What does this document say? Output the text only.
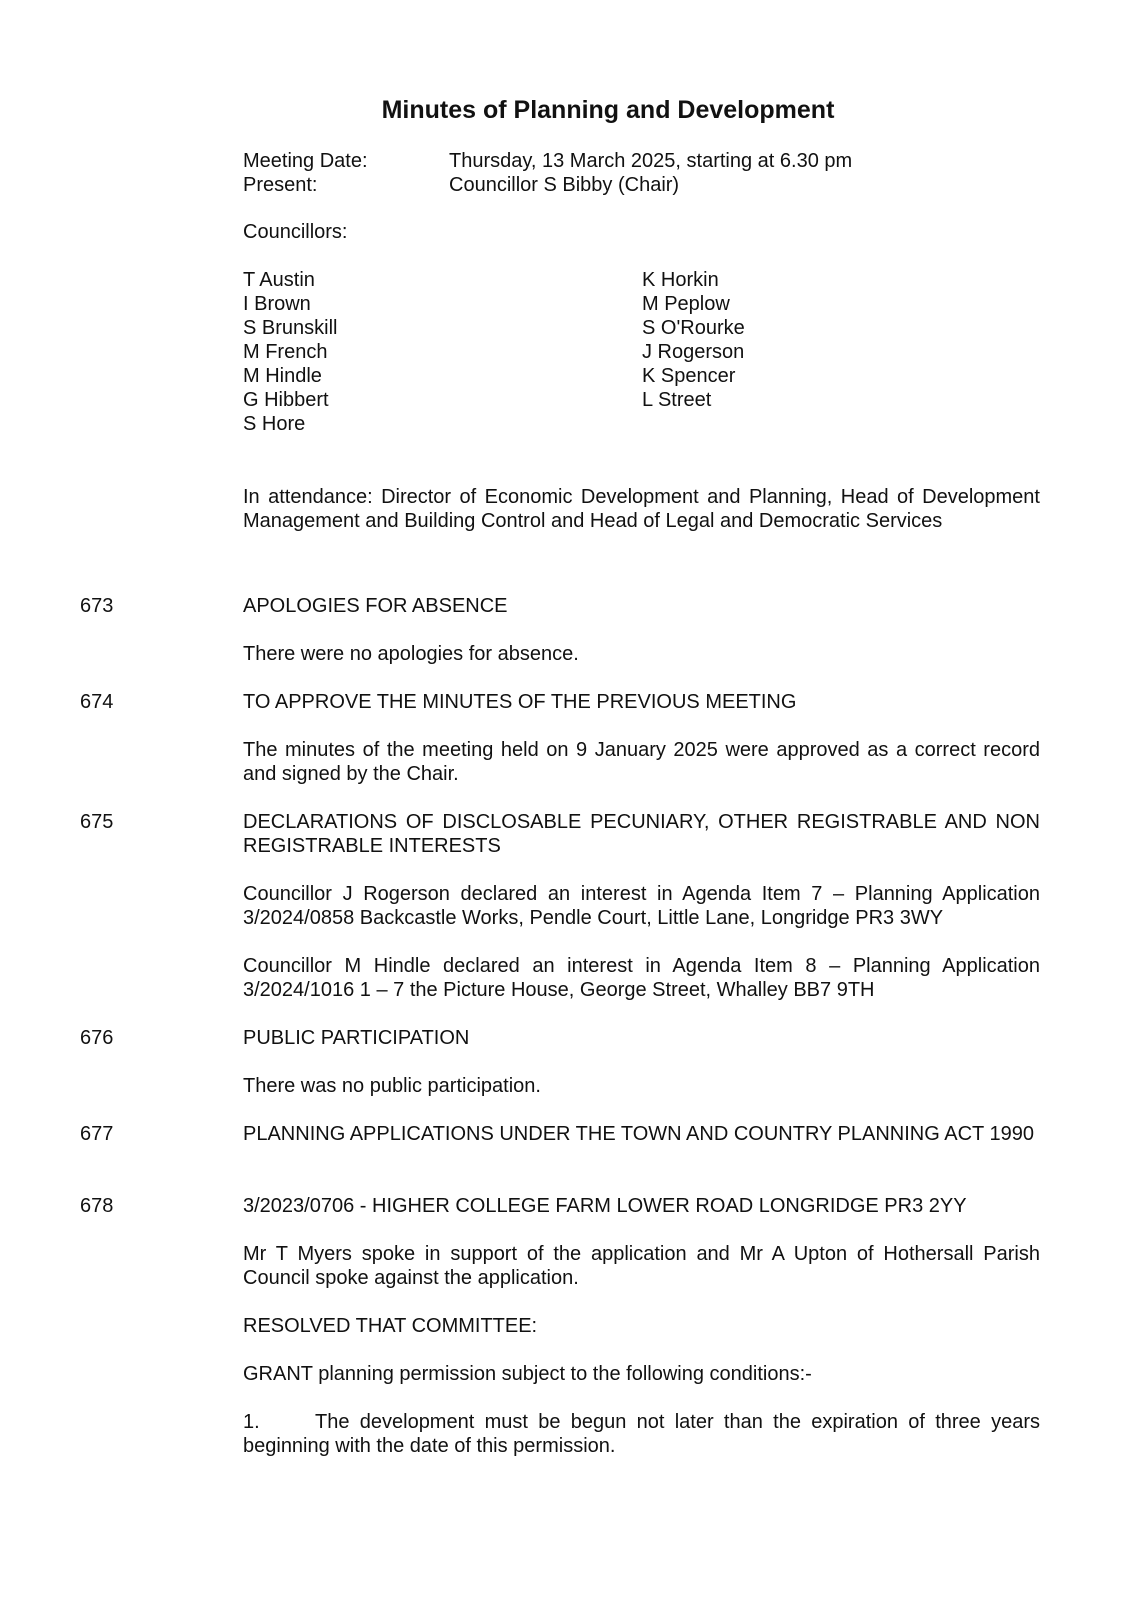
Minutes of Planning and Development
Meeting Date:	Thursday, 13 March 2025, starting at 6.30 pm
Present:	Councillor S Bibby (Chair)
Councillors:
T Austin
I Brown
S Brunskill
M French
M Hindle
G Hibbert
S Hore
K Horkin
M Peplow
S O'Rourke
J Rogerson
K Spencer
L Street

In attendance: Director of Economic Development and Planning, Head of Development Management and Building Control and Head of Legal and Democratic Services

673	APOLOGIES FOR ABSENCE

There were no apologies for absence.

674	TO APPROVE THE MINUTES OF THE PREVIOUS MEETING

The minutes of the meeting held on 9 January 2025 were approved as a correct record and signed by the Chair.

675	DECLARATIONS OF DISCLOSABLE PECUNIARY, OTHER REGISTRABLE AND NON REGISTRABLE INTERESTS

Councillor J Rogerson declared an interest in Agenda Item 7 – Planning Application 3/2024/0858 Backcastle Works, Pendle Court, Little Lane, Longridge PR3 3WY

Councillor M Hindle declared an interest in Agenda Item 8 – Planning Application 3/2024/1016 1 – 7 the Picture House, George Street, Whalley BB7 9TH

676	PUBLIC PARTICIPATION

There was no public participation.

677	PLANNING APPLICATIONS UNDER THE TOWN AND COUNTRY PLANNING ACT 1990

678	3/2023/0706 - HIGHER COLLEGE FARM LOWER ROAD LONGRIDGE PR3 2YY

Mr T Myers spoke in support of the application and Mr A Upton of Hothersall Parish Council spoke against the application.

RESOLVED THAT COMMITTEE:

GRANT planning permission subject to the following conditions:-

1.	The development must be begun not later than the expiration of three years beginning with the date of this permission.
